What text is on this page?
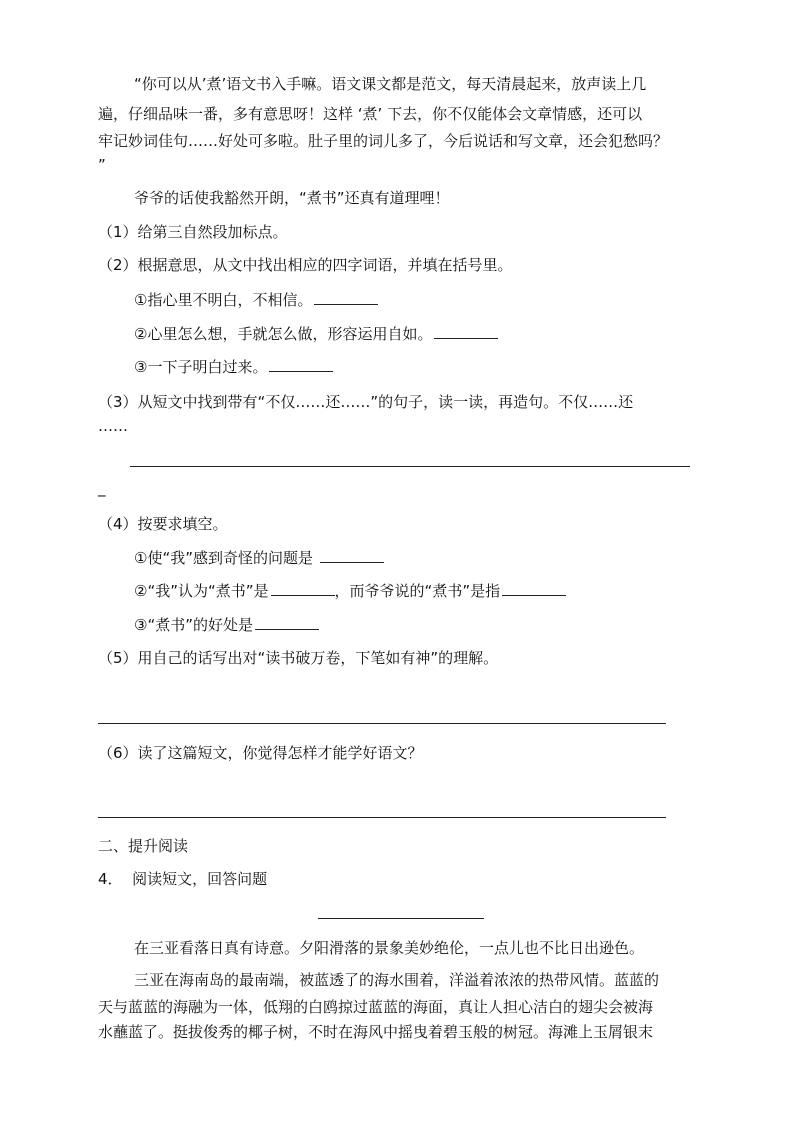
“你可以从’煮’语文书入手嘛。语文课文都是范文，每天清晨起来，放声读上几
遍，仔细品味一番，多有意思呀！这样 ‘煮’ 下去，你不仅能体会文章情感，还可以
牢记妙词佳句……好处可多啦。肚子里的词儿多了，今后说话和写文章，还会犯愁吗？
”
爷爷的话使我豁然开朗，“煮书”还真有道理哩！
（1）给第三自然段加标点。
（2）根据意思，从文中找出相应的四字词语，并填在括号里。
①指心里不明白，不相信。
②心里怎么想，手就怎么做，形容运用自如。
③一下子明白过来。
（3）从短文中找到带有“不仅……还……”的句子，读一读，再造句。不仅……还
……
_
（4）按要求填空。
①使“我”感到奇怪的问题是
②“我”认为“煮书”是	，而爷爷说的“煮书”是指
③“煮书”的好处是
（5）用自己的话写出对“读书破万卷，下笔如有神”的理解。
（6）读了这篇短文，你觉得怎样才能学好语文？
二、提升阅读
4． 阅读短文，回答问题
在三亚看落日真有诗意。夕阳滑落的景象美妙绝伦，一点儿也不比日出逊色。
三亚在海南岛的最南端，被蓝透了的海水围着，洋溢着浓浓的热带风情。蓝蓝的
天与蓝蓝的海融为一体，低翔的白鸥掠过蓝蓝的海面，真让人担心洁白的翅尖会被海
水蘸蓝了。挺拔俊秀的椰子树，不时在海风中摇曳着碧玉般的树冠。海滩上玉屑银末
